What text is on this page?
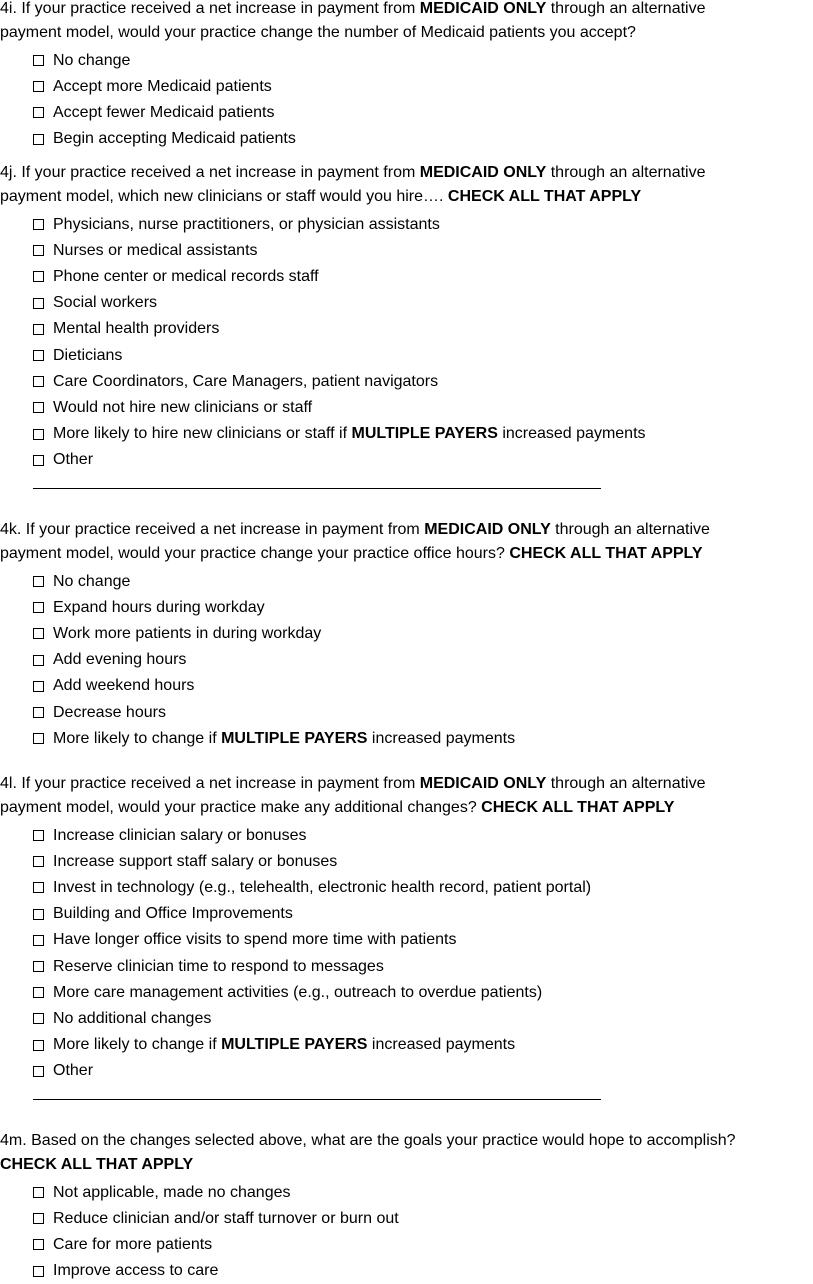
4i. If your practice received a net increase in payment from MEDICAID ONLY through an alternative

payment model, would your practice change the number of Medicaid patients you accept?

No change
Accept more Medicaid patients
Accept fewer Medicaid patients
Begin accepting Medicaid patients

4j. If your practice received a net increase in payment from MEDICAID ONLY through an alternative

payment model, which new clinicians or staff would you hire…. CHECK ALL THAT APPLY

Physicians, nurse practitioners, or physician assistants
Nurses or medical assistants
Phone center or medical records staff
Social workers
Mental health providers
Dieticians
Care Coordinators, Care Managers, patient navigators
Would not hire new clinicians or staff
More likely to hire new clinicians or staff if MULTIPLE PAYERS increased payments
Other

4k. If your practice received a net increase in payment from MEDICAID ONLY through an alternative

payment model, would your practice change your practice office hours? CHECK ALL THAT APPLY

No change
Expand hours during workday
Work more patients in during workday
Add evening hours
Add weekend hours
Decrease hours
More likely to change if MULTIPLE PAYERS increased payments

4l. If your practice received a net increase in payment from MEDICAID ONLY through an alternative

payment model, would your practice make any additional changes? CHECK ALL THAT APPLY

Increase clinician salary or bonuses
Increase support staff salary or bonuses
Invest in technology (e.g., telehealth, electronic health record, patient portal)
Building and Office Improvements
Have longer office visits to spend more time with patients
Reserve clinician time to respond to messages
More care management activities (e.g., outreach to overdue patients)
No additional changes
More likely to change if MULTIPLE PAYERS increased payments
Other

4m. Based on the changes selected above, what are the goals your practice would hope to accomplish?

CHECK ALL THAT APPLY

Not applicable, made no changes
Reduce clinician and/or staff turnover or burn out
Care for more patients
Improve access to care
